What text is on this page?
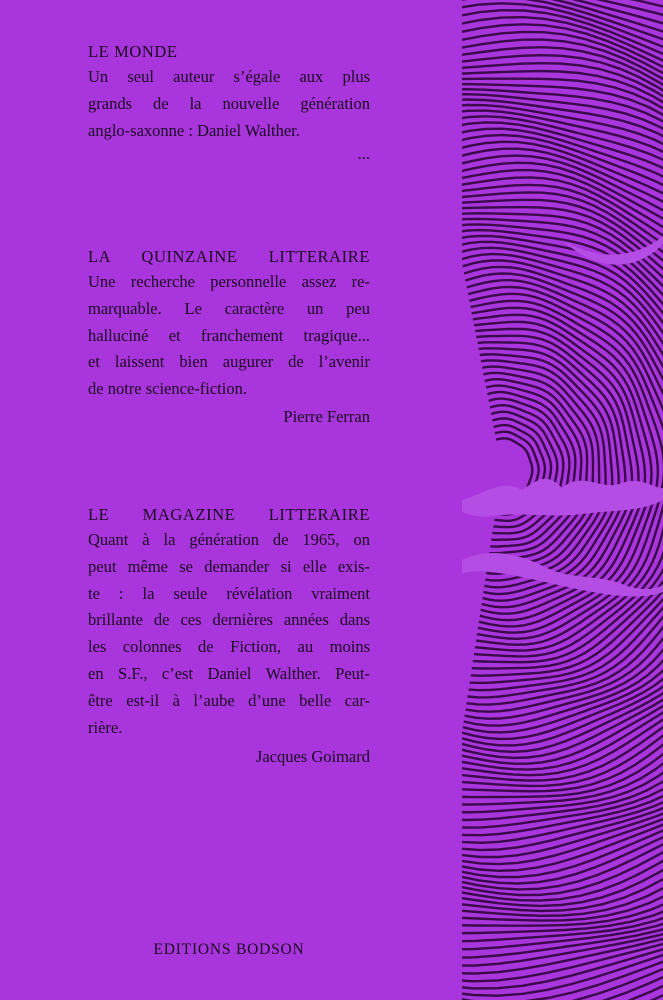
LE MONDE
Un seul auteur s’égale aux plus
grands de la nouvelle génération
anglo-saxonne : Daniel Walther.
...
LA QUINZAINE LITTERAIRE
Une recherche personnelle assez re-
marquable. Le caractère un peu
halluciné et franchement tragique...
et laissent bien augurer de l’avenir
de notre science-fiction.
Pierre Ferran
LE MAGAZINE LITTERAIRE
Quant à la génération de 1965, on
peut même se demander si elle exis-
te : la seule révélation vraiment
brillante de ces dernières années dans
les colonnes de Fiction, au moins
en S.F., c’est Daniel Walther. Peut-
être est-il à l’aube d’une belle car-
rière.
Jacques Goimard
EDITIONS BODSON
